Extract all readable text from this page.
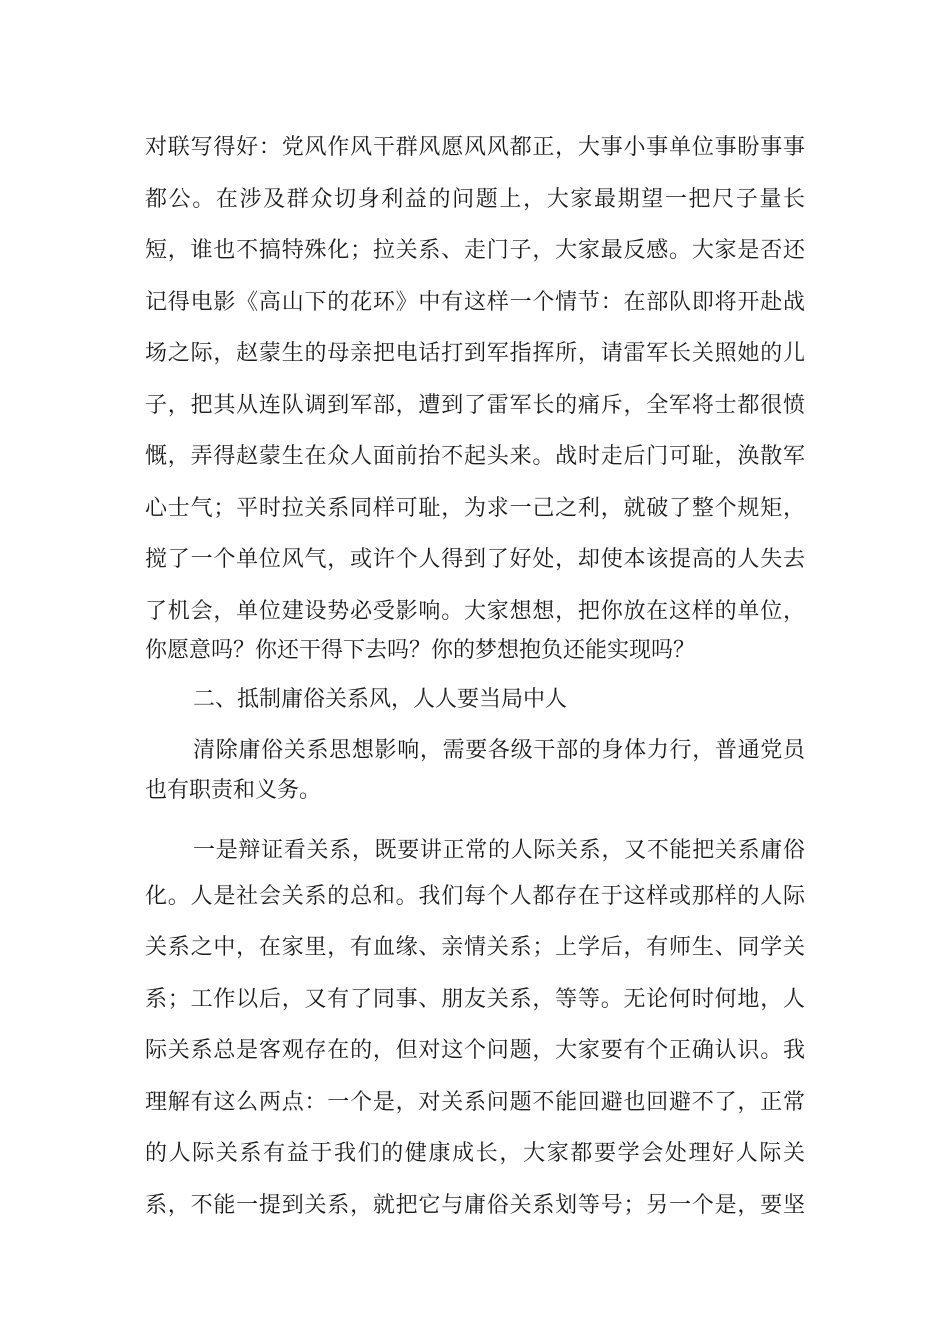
对联写得好：党风作风干群风愿风风都正，大事小事单位事盼事事
都公。在涉及群众切身利益的问题上，大家最期望一把尺子量长
短，谁也不搞特殊化；拉关系、走门子，大家最反感。大家是否还
记得电影《高山下的花环》中有这样一个情节：在部队即将开赴战
场之际，赵蒙生的母亲把电话打到军指挥所，请雷军长关照她的儿
子，把其从连队调到军部，遭到了雷军长的痛斥，全军将士都很愤
慨，弄得赵蒙生在众人面前抬不起头来。战时走后门可耻，涣散军
心士气；平时拉关系同样可耻，为求一己之利，就破了整个规矩，
搅了一个单位风气，或许个人得到了好处，却使本该提高的人失去
了机会，单位建设势必受影响。大家想想，把你放在这样的单位，
你愿意吗？你还干得下去吗？你的梦想抱负还能实现吗？
二、抵制庸俗关系风，人人要当局中人
清除庸俗关系思想影响，需要各级干部的身体力行，普通党员
也有职责和义务。
一是辩证看关系，既要讲正常的人际关系，又不能把关系庸俗
化。人是社会关系的总和。我们每个人都存在于这样或那样的人际
关系之中，在家里，有血缘、亲情关系；上学后，有师生、同学关
系；工作以后，又有了同事、朋友关系，等等。无论何时何地，人
际关系总是客观存在的，但对这个问题，大家要有个正确认识。我
理解有这么两点：一个是，对关系问题不能回避也回避不了，正常
的人际关系有益于我们的健康成长，大家都要学会处理好人际关
系，不能一提到关系，就把它与庸俗关系划等号；另一个是，要坚
